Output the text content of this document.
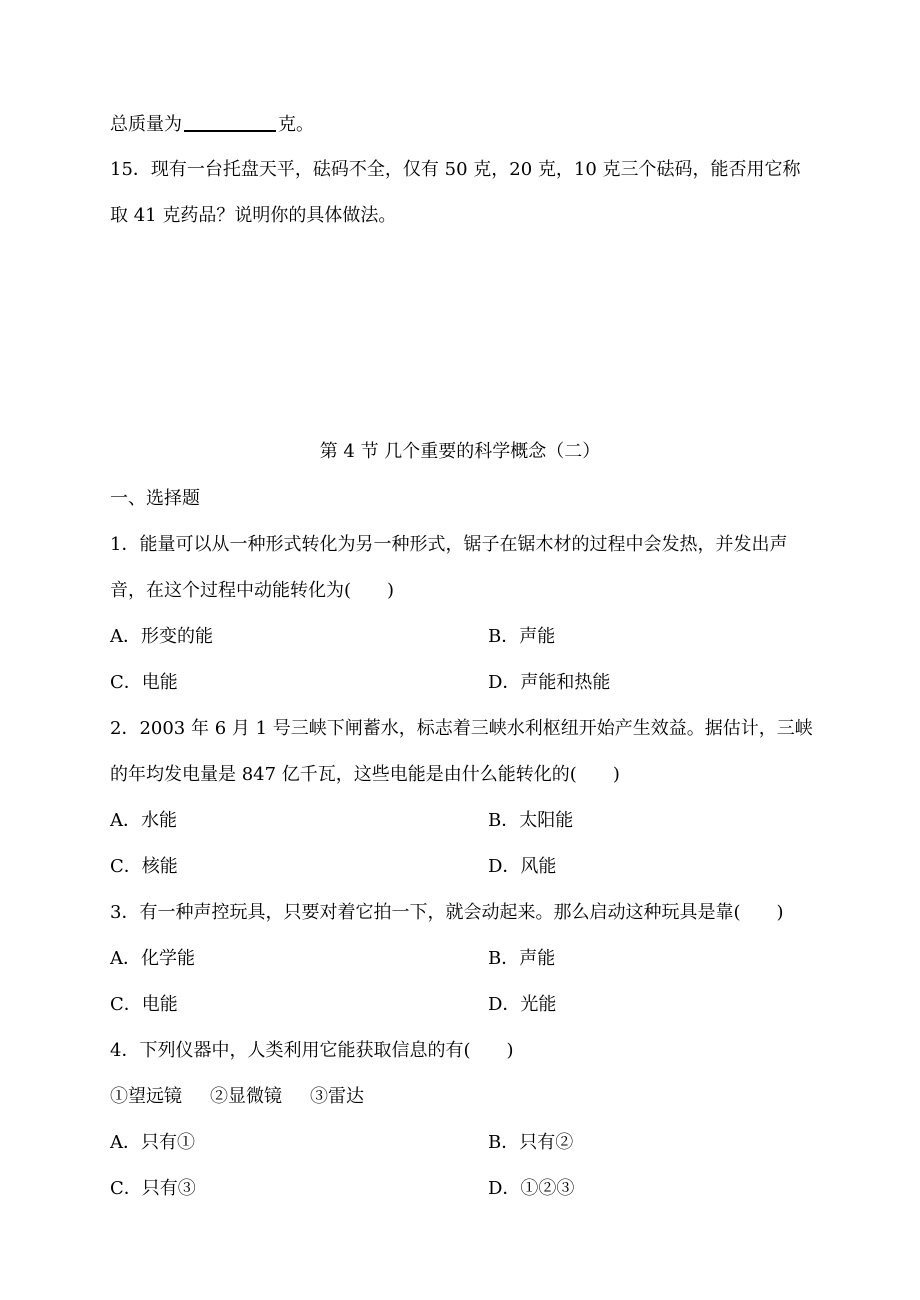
总质量为	克。
15．现有一台托盘天平，砝码不全，仅有 50 克，20 克，10 克三个砝码，能否用它称
取 41 克药品？说明你的具体做法。
第 4 节 几个重要的科学概念（二）
一、选择题
1．能量可以从一种形式转化为另一种形式，锯子在锯木材的过程中会发热，并发出声
音，在这个过程中动能转化为(　　)
A．形变的能	B．声能
C．电能	D．声能和热能
2．2003 年 6 月 1 号三峡下闸蓄水，标志着三峡水利枢纽开始产生效益。据估计，三峡
的年均发电量是 847 亿千瓦，这些电能是由什么能转化的(　　)
A．水能	B．太阳能
C．核能	D．风能
3．有一种声控玩具，只要对着它拍一下，就会动起来。那么启动这种玩具是靠(　　)
A．化学能	B．声能
C．电能	D．光能
4．下列仪器中，人类利用它能获取信息的有(　　)
①望远镜 ②显微镜 ③雷达
A．只有①	B．只有②
C．只有③	D．①②③
